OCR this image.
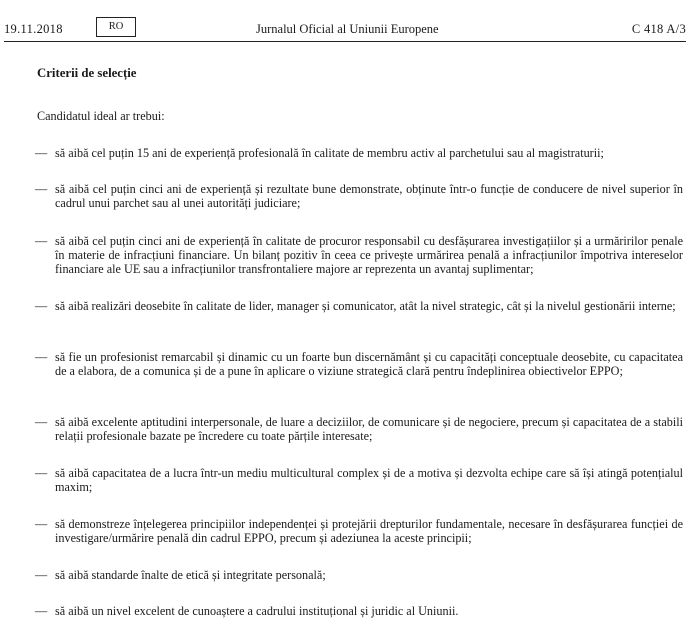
19.11.2018	RO	Jurnalul Oficial al Uniunii Europene	C 418 A/3

Criterii de selecție

Candidatul ideal ar trebui:

— să aibă cel puțin 15 ani de experiență profesională în calitate de membru activ al parchetului sau al magistraturii;
— să aibă cel puțin cinci ani de experiență și rezultate bune demonstrate, obținute într-o funcție de conducere de nivel superior în cadrul unui parchet sau al unei autorități judiciare;
— să aibă cel puțin cinci ani de experiență în calitate de procuror responsabil cu desfășurarea investigațiilor și a urmăririlor penale în materie de infracțiuni financiare. Un bilanț pozitiv în ceea ce privește urmărirea penală a infracțiunilor împotriva intereselor financiare ale UE sau a infracțiunilor transfrontaliere majore ar reprezenta un avantaj suplimentar;
— să aibă realizări deosebite în calitate de lider, manager și comunicator, atât la nivel strategic, cât și la nivelul gestionării interne;
— să fie un profesionist remarcabil și dinamic cu un foarte bun discernământ și cu capacități conceptuale deosebite, cu capacitatea de a elabora, de a comunica și de a pune în aplicare o viziune strategică clară pentru îndeplinirea obiectivelor EPPO;
— să aibă excelente aptitudini interpersonale, de luare a deciziilor, de comunicare și de negociere, precum și capacitatea de a stabili relații profesionale bazate pe încredere cu toate părțile interesate;
— să aibă capacitatea de a lucra într-un mediu multicultural complex și de a motiva și dezvolta echipe care să își atingă potențialul maxim;
— să demonstreze înțelegerea principiilor independenței și protejării drepturilor fundamentale, necesare în desfășurarea funcției de investigare/urmărire penală din cadrul EPPO, precum și adeziunea la aceste principii;
— să aibă standarde înalte de etică și integritate personală;
— să aibă un nivel excelent de cunoaștere a cadrului instituțional și juridic al Uniunii.
